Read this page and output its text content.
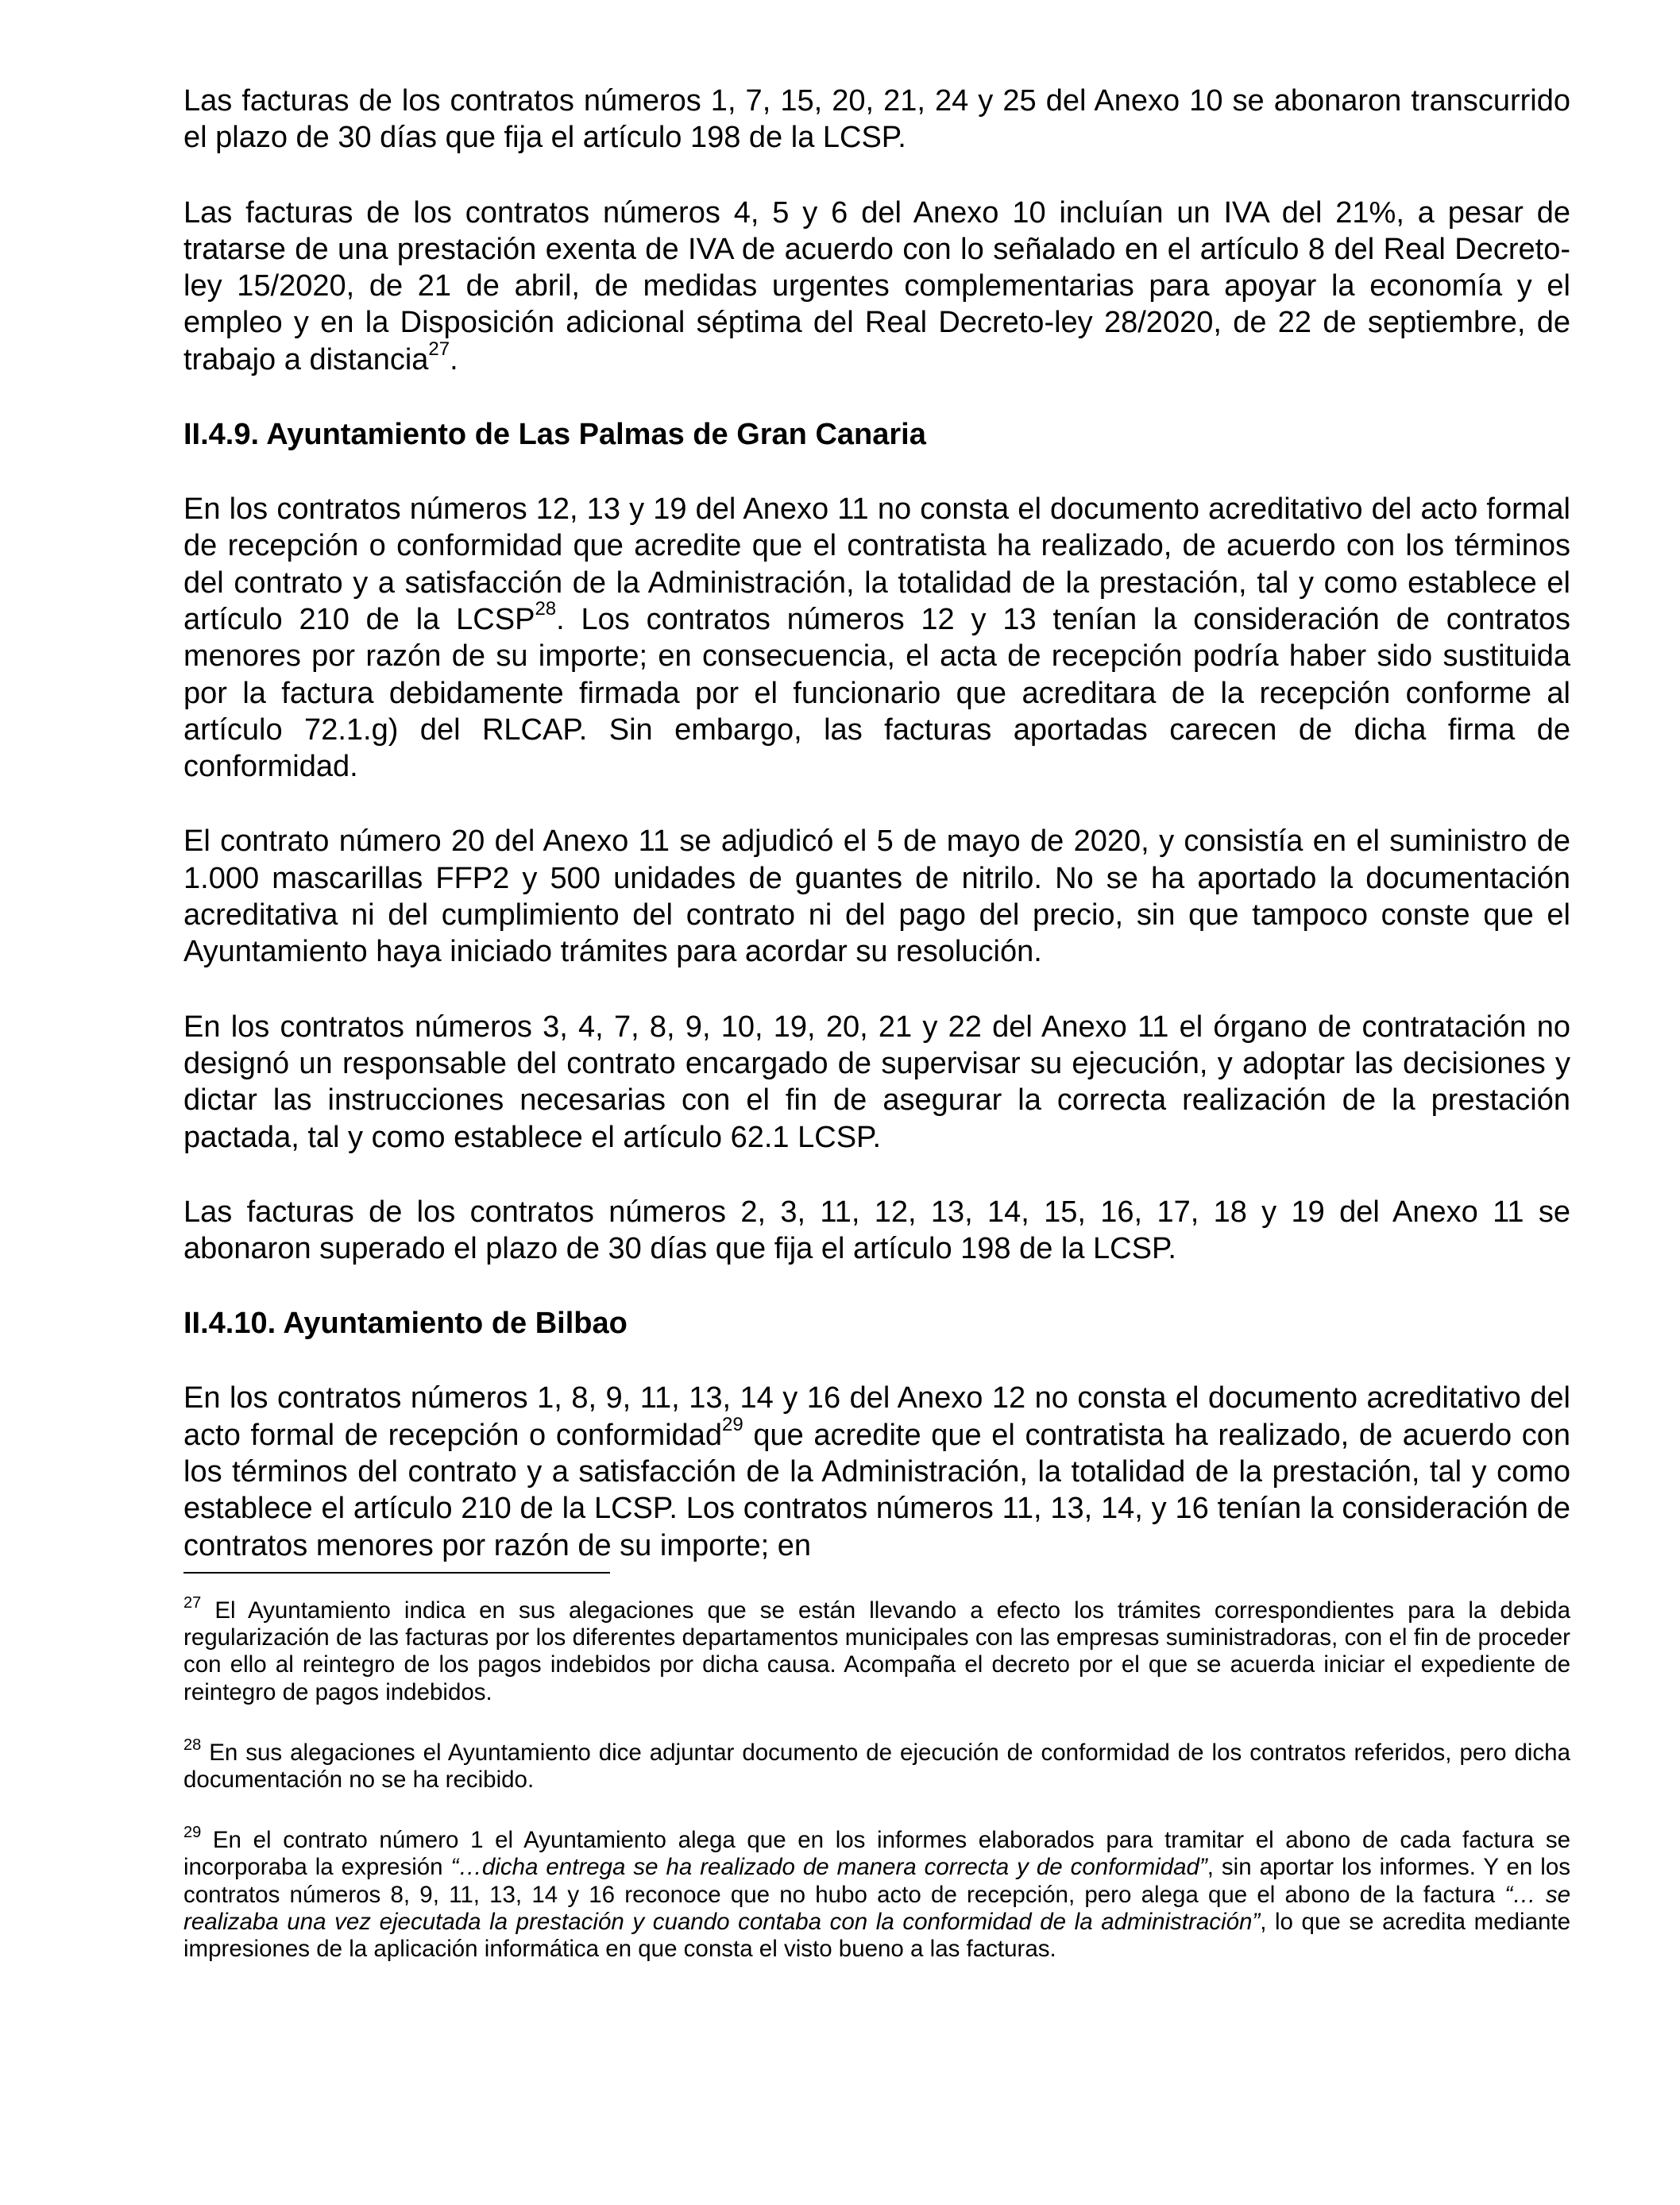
Las facturas de los contratos números 1, 7, 15, 20, 21, 24 y 25 del Anexo 10 se abonaron transcurrido el plazo de 30 días que fija el artículo 198 de la LCSP.

Las facturas de los contratos números 4, 5 y 6 del Anexo 10 incluían un IVA del 21%, a pesar de tratarse de una prestación exenta de IVA de acuerdo con lo señalado en el artículo 8 del Real Decreto-ley 15/2020, de 21 de abril, de medidas urgentes complementarias para apoyar la economía y el empleo y en la Disposición adicional séptima del Real Decreto-ley 28/2020, de 22 de septiembre, de trabajo a distancia$^{27}$.

II.4.9. Ayuntamiento de Las Palmas de Gran Canaria

En los contratos números 12, 13 y 19 del Anexo 11 no consta el documento acreditativo del acto formal de recepción o conformidad que acredite que el contratista ha realizado, de acuerdo con los términos del contrato y a satisfacción de la Administración, la totalidad de la prestación, tal y como establece el artículo 210 de la LCSP$^{28}$. Los contratos números 12 y 13 tenían la consideración de contratos menores por razón de su importe; en consecuencia, el acta de recepción podría haber sido sustituida por la factura debidamente firmada por el funcionario que acreditara de la recepción conforme al artículo 72.1.g) del RLCAP. Sin embargo, las facturas aportadas carecen de dicha firma de conformidad.

El contrato número 20 del Anexo 11 se adjudicó el 5 de mayo de 2020, y consistía en el suministro de 1.000 mascarillas FFP2 y 500 unidades de guantes de nitrilo. No se ha aportado la documentación acreditativa ni del cumplimiento del contrato ni del pago del precio, sin que tampoco conste que el Ayuntamiento haya iniciado trámites para acordar su resolución.

En los contratos números 3, 4, 7, 8, 9, 10, 19, 20, 21 y 22 del Anexo 11 el órgano de contratación no designó un responsable del contrato encargado de supervisar su ejecución, y adoptar las decisiones y dictar las instrucciones necesarias con el fin de asegurar la correcta realización de la prestación pactada, tal y como establece el artículo 62.1 LCSP.

Las facturas de los contratos números 2, 3, 11, 12, 13, 14, 15, 16, 17, 18 y 19 del Anexo 11 se abonaron superado el plazo de 30 días que fija el artículo 198 de la LCSP.

II.4.10. Ayuntamiento de Bilbao

En los contratos números 1, 8, 9, 11, 13, 14 y 16 del Anexo 12 no consta el documento acreditativo del acto formal de recepción o conformidad$^{29}$ que acredite que el contratista ha realizado, de acuerdo con los términos del contrato y a satisfacción de la Administración, la totalidad de la prestación, tal y como establece el artículo 210 de la LCSP. Los contratos números 11, 13, 14, y 16 tenían la consideración de contratos menores por razón de su importe; en

$^{27}$ El Ayuntamiento indica en sus alegaciones que se están llevando a efecto los trámites correspondientes para la debida regularización de las facturas por los diferentes departamentos municipales con las empresas suministradoras, con el fin de proceder con ello al reintegro de los pagos indebidos por dicha causa. Acompaña el decreto por el que se acuerda iniciar el expediente de reintegro de pagos indebidos.

$^{28}$ En sus alegaciones el Ayuntamiento dice adjuntar documento de ejecución de conformidad de los contratos referidos, pero dicha documentación no se ha recibido.

$^{29}$ En el contrato número 1 el Ayuntamiento alega que en los informes elaborados para tramitar el abono de cada factura se incorporaba la expresión “…dicha entrega se ha realizado de manera correcta y de conformidad”, sin aportar los informes. Y en los contratos números 8, 9, 11, 13, 14 y 16 reconoce que no hubo acto de recepción, pero alega que el abono de la factura “… se realizaba una vez ejecutada la prestación y cuando contaba con la conformidad de la administración”, lo que se acredita mediante impresiones de la aplicación informática en que consta el visto bueno a las facturas.
